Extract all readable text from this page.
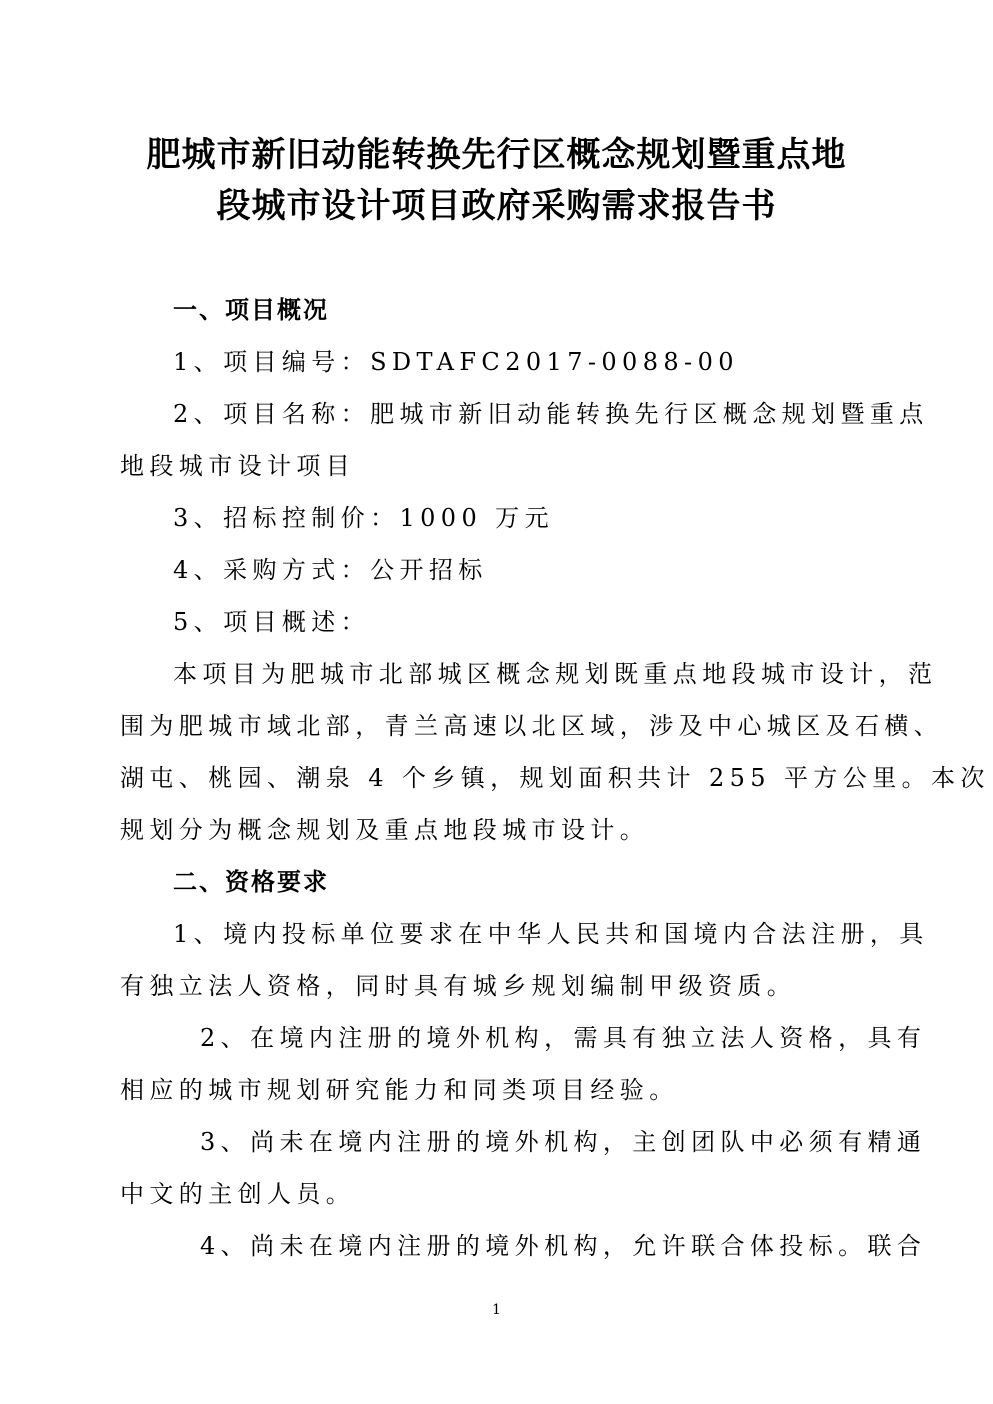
肥城市新旧动能转换先行区概念规划暨重点地
段城市设计项目政府采购需求报告书
一、项目概况
1、项目编号：SDTAFC2017-0088-00
2、项目名称：肥城市新旧动能转换先行区概念规划暨重点
地段城市设计项目
3、招标控制价：1000 万元
4、采购方式：公开招标
5、项目概述：
本项目为肥城市北部城区概念规划既重点地段城市设计，范
围为肥城市域北部，青兰高速以北区域，涉及中心城区及石横、
湖屯、桃园、潮泉 4 个乡镇，规划面积共计 255 平方公里。本次
规划分为概念规划及重点地段城市设计。
二、资格要求
1、境内投标单位要求在中华人民共和国境内合法注册，具
有独立法人资格，同时具有城乡规划编制甲级资质。
2、在境内注册的境外机构，需具有独立法人资格，具有
相应的城市规划研究能力和同类项目经验。
3、尚未在境内注册的境外机构，主创团队中必须有精通
中文的主创人员。
4、尚未在境内注册的境外机构，允许联合体投标。联合
1
